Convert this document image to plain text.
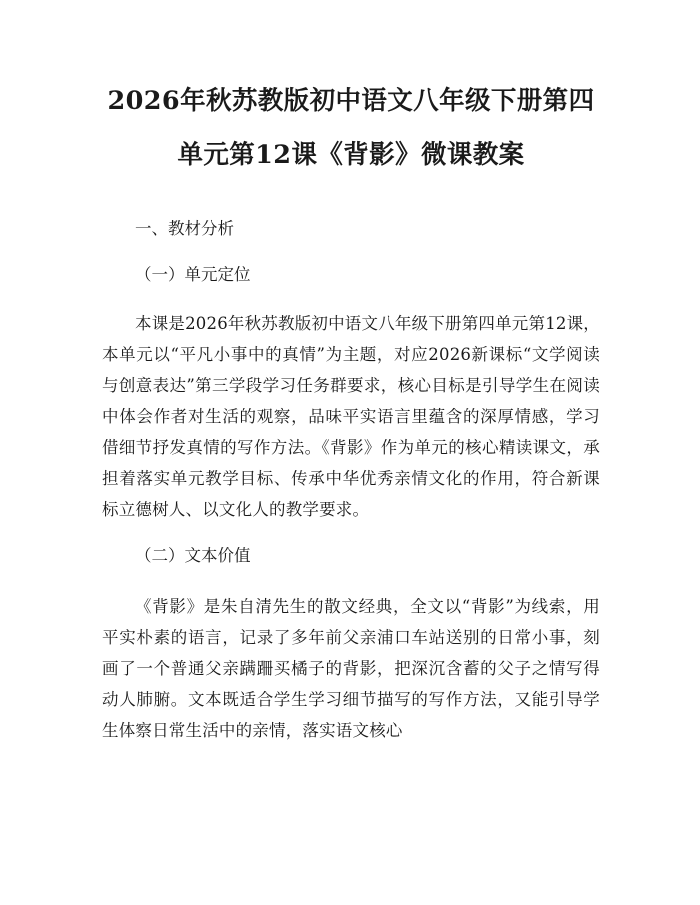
2026年秋苏教版初中语文八年级下册第四单元第12课《背影》微课教案

一、教材分析

（一）单元定位

本课是2026年秋苏教版初中语文八年级下册第四单元第12课，本单元以“平凡小事中的真情”为主题，对应2026新课标“文学阅读与创意表达”第三学段学习任务群要求，核心目标是引导学生在阅读中体会作者对生活的观察，品味平实语言里蕴含的深厚情感，学习借细节抒发真情的写作方法。《背影》作为单元的核心精读课文，承担着落实单元教学目标、传承中华优秀亲情文化的作用，符合新课标立德树人、以文化人的教学要求。

（二）文本价值

《背影》是朱自清先生的散文经典，全文以“背影”为线索，用平实朴素的语言，记录了多年前父亲浦口车站送别的日常小事，刻画了一个普通父亲蹒跚买橘子的背影，把深沉含蓄的父子之情写得动人肺腑。文本既适合学生学习细节描写的写作方法，又能引导学生体察日常生活中的亲情，落实语文核心
